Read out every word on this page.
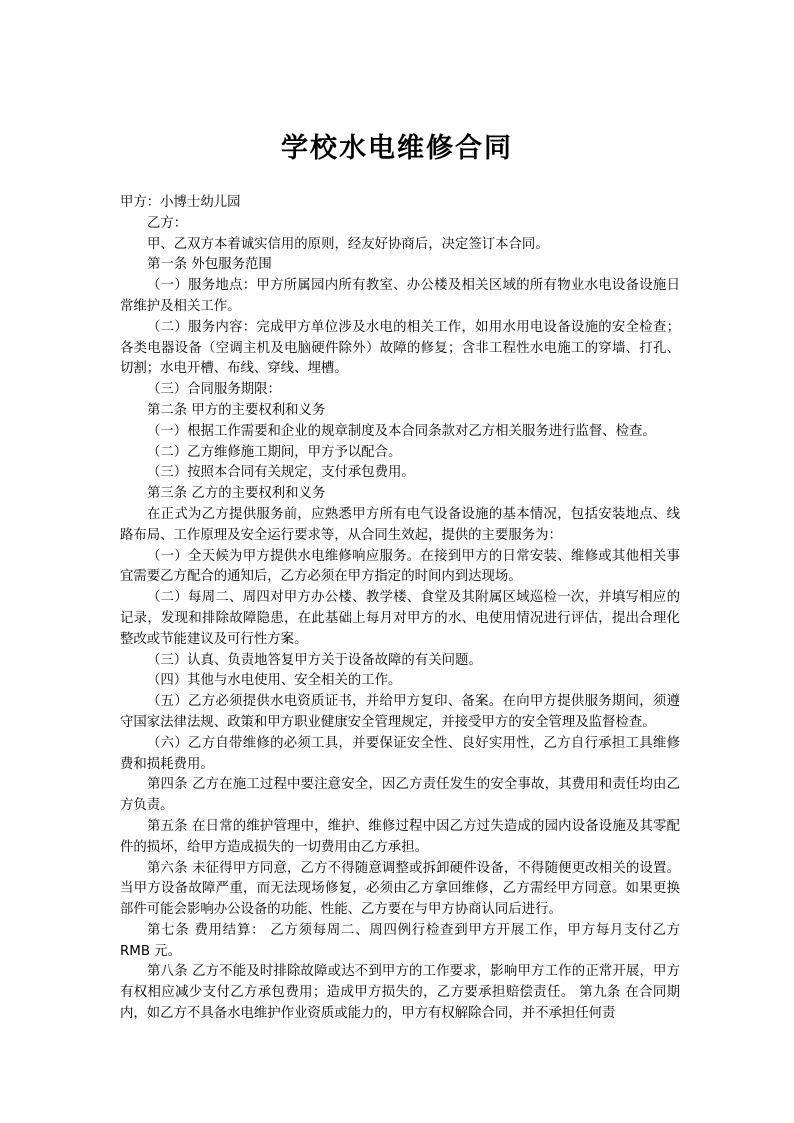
学校水电维修合同

甲方：小博士幼儿园

乙方：

甲、乙双方本着诚实信用的原则，经友好协商后，决定签订本合同。

第一条 外包服务范围

（一）服务地点：甲方所属园内所有教室、办公楼及相关区域的所有物业水电设备设施日常维护及相关工作。

（二）服务内容：完成甲方单位涉及水电的相关工作，如用水用电设备设施的安全检查；各类电器设备（空调主机及电脑硬件除外）故障的修复；含非工程性水电施工的穿墙、打孔、切割；水电开槽、布线、穿线、埋槽。

（三）合同服务期限：

第二条 甲方的主要权利和义务

（一）根据工作需要和企业的规章制度及本合同条款对乙方相关服务进行监督、检查。

（二）乙方维修施工期间，甲方予以配合。

（三）按照本合同有关规定，支付承包费用。

第三条 乙方的主要权利和义务

在正式为乙方提供服务前，应熟悉甲方所有电气设备设施的基本情况，包括安装地点、线路布局、工作原理及安全运行要求等，从合同生效起，提供的主要服务为：

（一）全天候为甲方提供水电维修响应服务。在接到甲方的日常安装、维修或其他相关事宜需要乙方配合的通知后，乙方必须在甲方指定的时间内到达现场。

（二）每周二、周四对甲方办公楼、教学楼、食堂及其附属区域巡检一次，并填写相应的记录，发现和排除故障隐患，在此基础上每月对甲方的水、电使用情况进行评估，提出合理化整改或节能建议及可行性方案。

（三）认真、负责地答复甲方关于设备故障的有关问题。

（四）其他与水电使用、安全相关的工作。

（五）乙方必须提供水电资质证书，并给甲方复印、备案。在向甲方提供服务期间，须遵守国家法律法规、政策和甲方职业健康安全管理规定，并接受甲方的安全管理及监督检查。

（六）乙方自带维修的必须工具，并要保证安全性、良好实用性，乙方自行承担工具维修费和损耗费用。

第四条 乙方在施工过程中要注意安全，因乙方责任发生的安全事故，其费用和责任均由乙方负责。

第五条 在日常的维护管理中，维护、维修过程中因乙方过失造成的园内设备设施及其零配件的损坏，给甲方造成损失的一切费用由乙方承担。

第六条 未征得甲方同意，乙方不得随意调整或拆卸硬件设备，不得随便更改相关的设置。当甲方设备故障严重，而无法现场修复，必须由乙方拿回维修，乙方需经甲方同意。如果更换部件可能会影响办公设备的功能、性能、乙方要在与甲方协商认同后进行。

第七条 费用结算： 乙方须每周二、周四例行检查到甲方开展工作，甲方每月支付乙方RMB 元。

第八条 乙方不能及时排除故障或达不到甲方的工作要求，影响甲方工作的正常开展，甲方有权相应减少支付乙方承包费用；造成甲方损失的，乙方要承担赔偿责任。 第九条 在合同期内，如乙方不具备水电维护作业资质或能力的，甲方有权解除合同，并不承担任何责
